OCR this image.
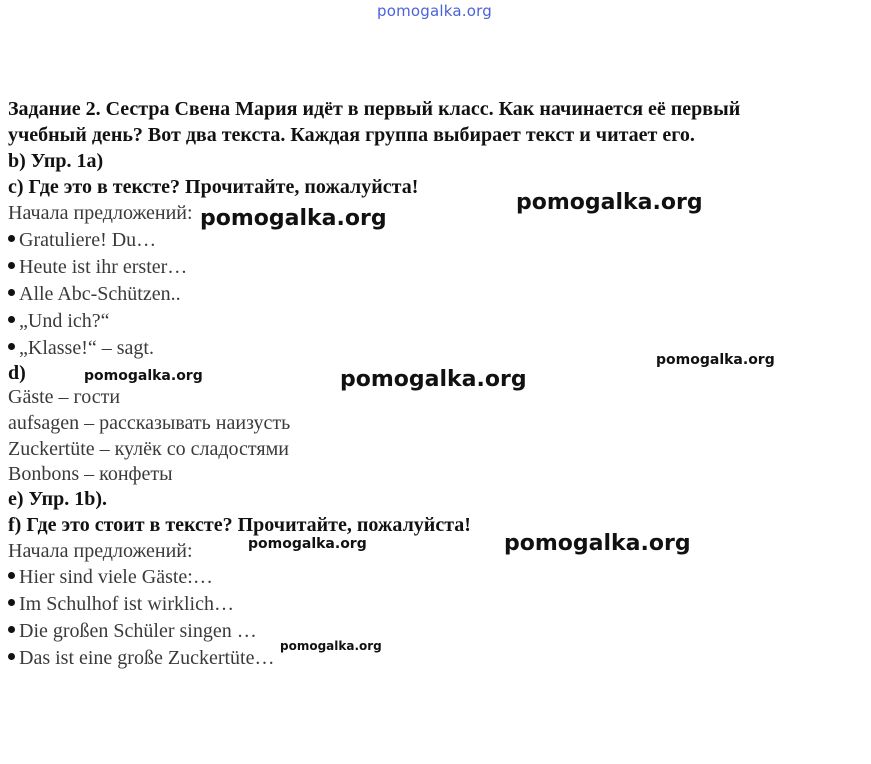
pomogalka.org
Задание 2. Сестра Свена Мария идёт в первый класс. Как начинается её первый
учебный день? Вот два текста. Каждая группа выбирает текст и читает его.
b) Упр. 1а)
c) Где это в тексте? Прочитайте, пожалуйста!
Начала предложений:
Gratuliere! Du…
Heute ist ihr erster…
Alle Abc-Schützen..
„Und ich?“
„Klasse!“ – sagt.
d)
Gäste – гости
aufsagen – рассказывать наизусть
Zuckertüte – кулёк со сладостями
Bonbons – конфеты
e) Упр. 1b).
f) Где это стоит в тексте? Прочитайте, пожалуйста!
Начала предложений:
Hier sind viele Gäste:…
Im Schulhof ist wirklich…
Die großen Schüler singen …
Das ist eine große Zuckertüte…
pomogalka.org
pomogalka.org
pomogalka.org
pomogalka.org	pomogalka.org
pomogalka.org	pomogalka.org
pomogalka.org
